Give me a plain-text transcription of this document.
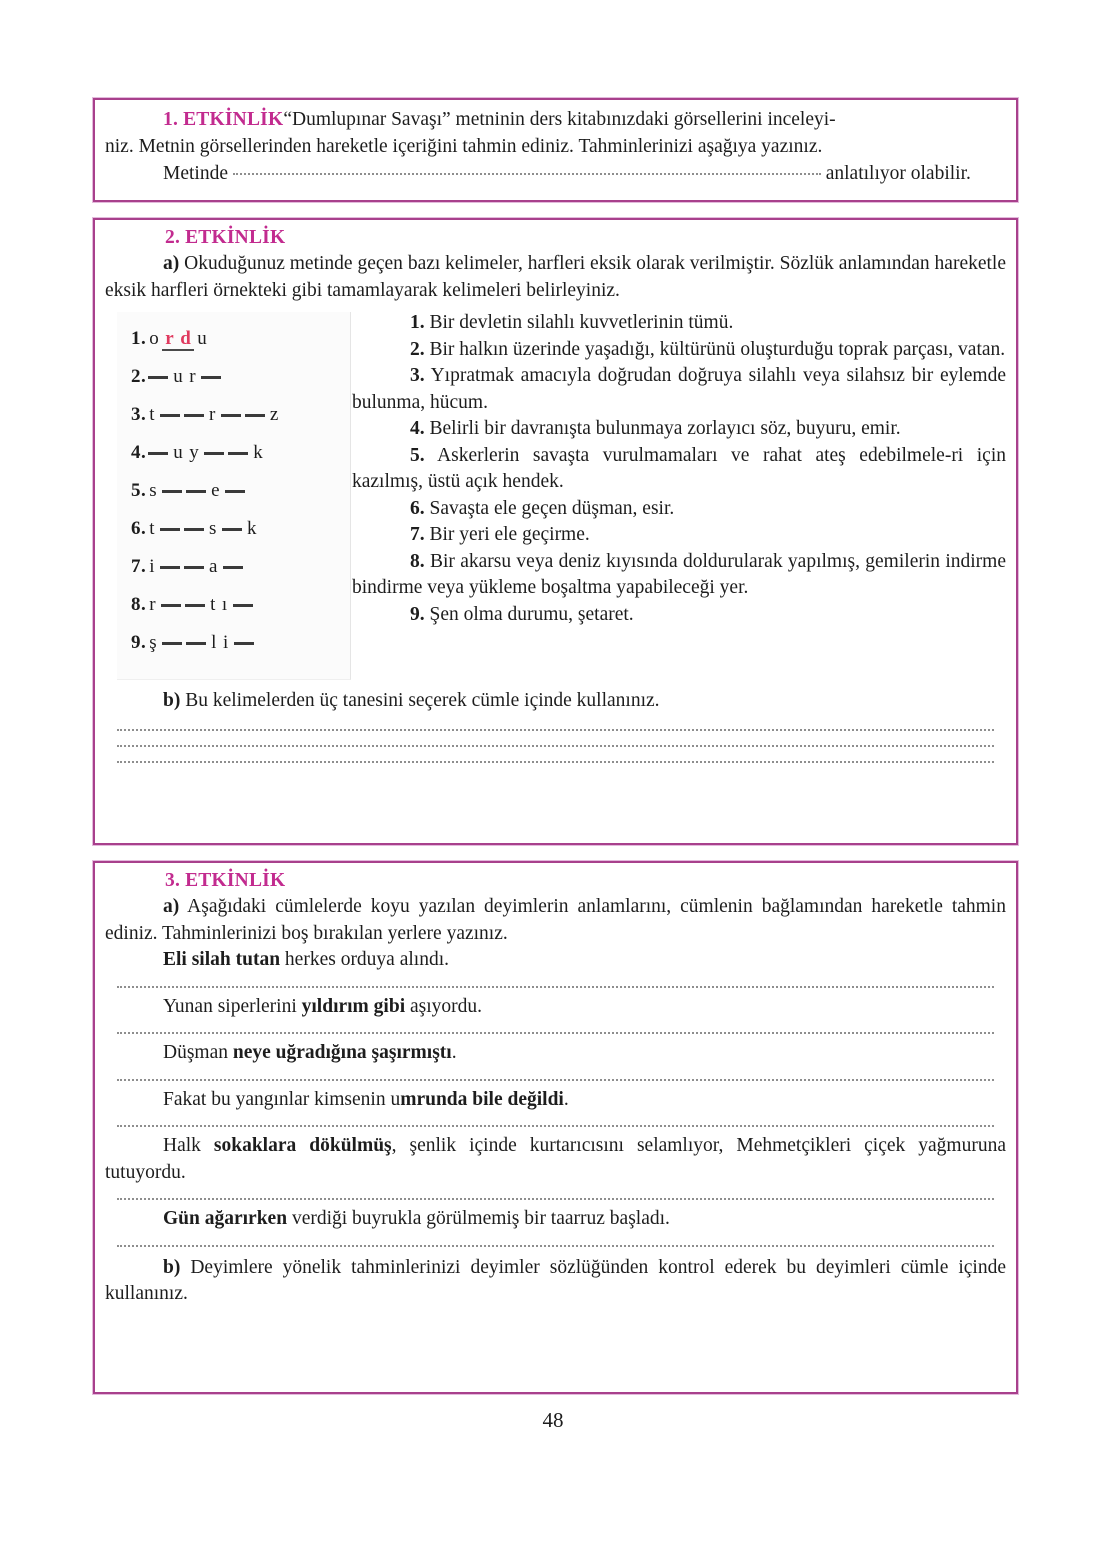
1. ETKİNLİK“Dumlupınar Savaşı” metninin ders kitabınızdaki görsellerini inceleyi-

niz. Metnin görsellerinden hareketle içeriğini tahmin ediniz. Tahminlerinizi aşağıya yazınız.

Metinde	anlatılıyor olabilir.

2. ETKİNLİK

a) Okuduğunuz metinde geçen bazı kelimeler, harfleri eksik olarak verilmiştir. Sözlük anlamından hareketle eksik harfleri örnekteki gibi tamamlayarak kelimeleri belirleyiniz.

1. o r d u
2. u r
3. t	r	z
4. u y	k
5. s	e
6. t	s k
7. i	a
8. r	t ı
9. ş	l i

1. Bir devletin silahlı kuvvetlerinin tümü.

2. Bir halkın üzerinde yaşadığı, kültürünü oluşturduğu toprak parçası, vatan.

3. Yıpratmak amacıyla doğrudan doğruya silahlı veya silahsız bir eylemde bulunma, hücum.

4. Belirli bir davranışta bulunmaya zorlayıcı söz, buyuru, emir.

5. Askerlerin savaşta vurulmamaları ve rahat ateş edebilmele-ri için kazılmış, üstü açık hendek.

6. Savaşta ele geçen düşman, esir.

7. Bir yeri ele geçirme.

8. Bir akarsu veya deniz kıyısında doldurularak yapılmış, gemilerin indirme bindirme veya yükleme boşaltma yapabileceği yer.

9. Şen olma durumu, şetaret.

b) Bu kelimelerden üç tanesini seçerek cümle içinde kullanınız.

3. ETKİNLİK

a) Aşağıdaki cümlelerde koyu yazılan deyimlerin anlamlarını, cümlenin bağlamından hareketle tahmin ediniz. Tahminlerinizi boş bırakılan yerlere yazınız.

Eli silah tutan herkes orduya alındı.

Yunan siperlerini yıldırım gibi aşıyordu.

Düşman neye uğradığına şaşırmıştı.

Fakat bu yangınlar kimsenin umrunda bile değildi.

Halk sokaklara dökülmüş, şenlik içinde kurtarıcısını selamlıyor, Mehmetçikleri çiçek yağmuruna tutuyordu.

Gün ağarırken verdiği buyrukla görülmemiş bir taarruz başladı.

b) Deyimlere yönelik tahminlerinizi deyimler sözlüğünden kontrol ederek bu deyimleri cümle içinde kullanınız.

48
